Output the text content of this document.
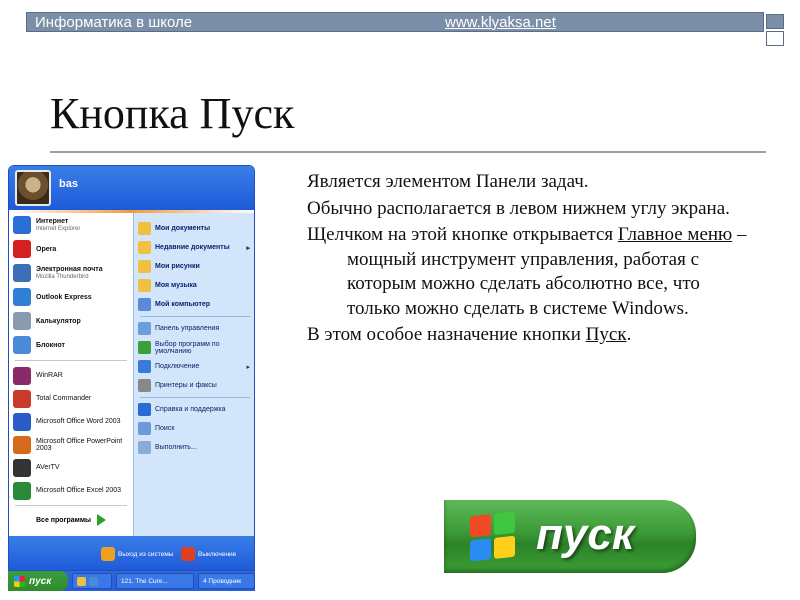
Информатика в школе	www.klyaksa.net
Кнопка Пуск

Является элементом Панели задач.

Обычно располагается в левом нижнем углу экрана.

Щелчком на этой кнопке открывается Главное меню – мощный инструмент управления, работая с которым можно сделать абсолютно все, что только можно сделать в системе Windows.

В этом особое назначение кнопки Пуск.

bas
Интернет
Internet Explorer
Opera
Электронная почта
Mozilla Thunderbird
Outlook Express
Калькулятор
Блокнот
WinRAR
Total Commander
Microsoft Office Word 2003
Microsoft Office PowerPoint 2003
AVerTV
Microsoft Office Excel 2003
Все программы
Мои документы
Недавние документы ▸
Мои рисунки
Моя музыка
Мой компьютер
Панель управления
Выбор программ по умолчанию
Подключение	▸
Принтеры и факсы
Справка и поддержка
Поиск
Выполнить...
Выход из системы	Выключение
пуск	121. The Cure...	4 Проводник
пуск
